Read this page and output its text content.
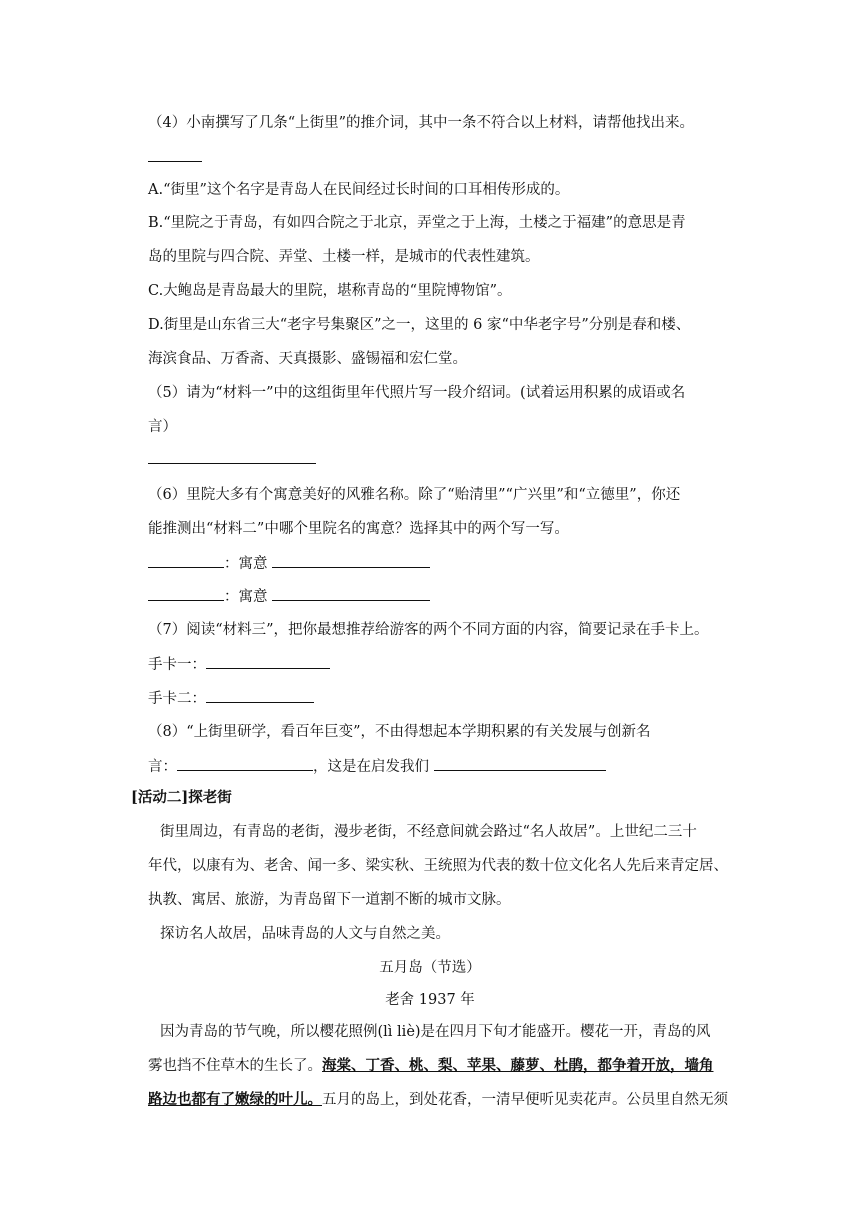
（4）小南撰写了几条“上街里”的推介词，其中一条不符合以上材料，请帮他找出来。
A.“街里”这个名字是青岛人在民间经过长时间的口耳相传形成的。
B.“里院之于青岛，有如四合院之于北京，弄堂之于上海，土楼之于福建”的意思是青
岛的里院与四合院、弄堂、土楼一样，是城市的代表性建筑。
C.大鲍岛是青岛最大的里院，堪称青岛的“里院博物馆”。
D.街里是山东省三大“老字号集聚区”之一，这里的 6 家“中华老字号”分别是春和楼、
海滨食品、万香斋、天真摄影、盛锡福和宏仁堂。
（5）请为“材料一”中的这组街里年代照片写一段介绍词。(试着运用积累的成语或名
言）
（6）里院大多有个寓意美好的风雅名称。除了“贻清里”“广兴里”和“立德里”，你还
能推测出“材料二”中哪个里院名的寓意？选择其中的两个写一写。
：寓意
：寓意
（7）阅读“材料三”，把你最想推荐给游客的两个不同方面的内容，简要记录在手卡上。
手卡一：
手卡二：
（8）“上街里研学，看百年巨变”，不由得想起本学期积累的有关发展与创新名
言：	，这是在启发我们
[活动二]探老街
街里周边，有青岛的老街，漫步老街，不经意间就会路过“名人故居”。上世纪二三十
年代，以康有为、老舍、闻一多、梁实秋、王统照为代表的数十位文化名人先后来青定居、
执教、寓居、旅游，为青岛留下一道割不断的城市文脉。
探访名人故居，品味青岛的人文与自然之美。
五月岛（节选）
老舍 1937 年
因为青岛的节气晚，所以樱花照例(lì liè)是在四月下旬才能盛开。樱花一开，青岛的风
雾也挡不住草木的生长了。海棠、丁香、桃、梨、苹果、藤萝、杜鹃，都争着开放，墙角
路边也都有了嫩绿的叶儿。五月的岛上，到处花香，一清早便听见卖花声。公员里自然无须
